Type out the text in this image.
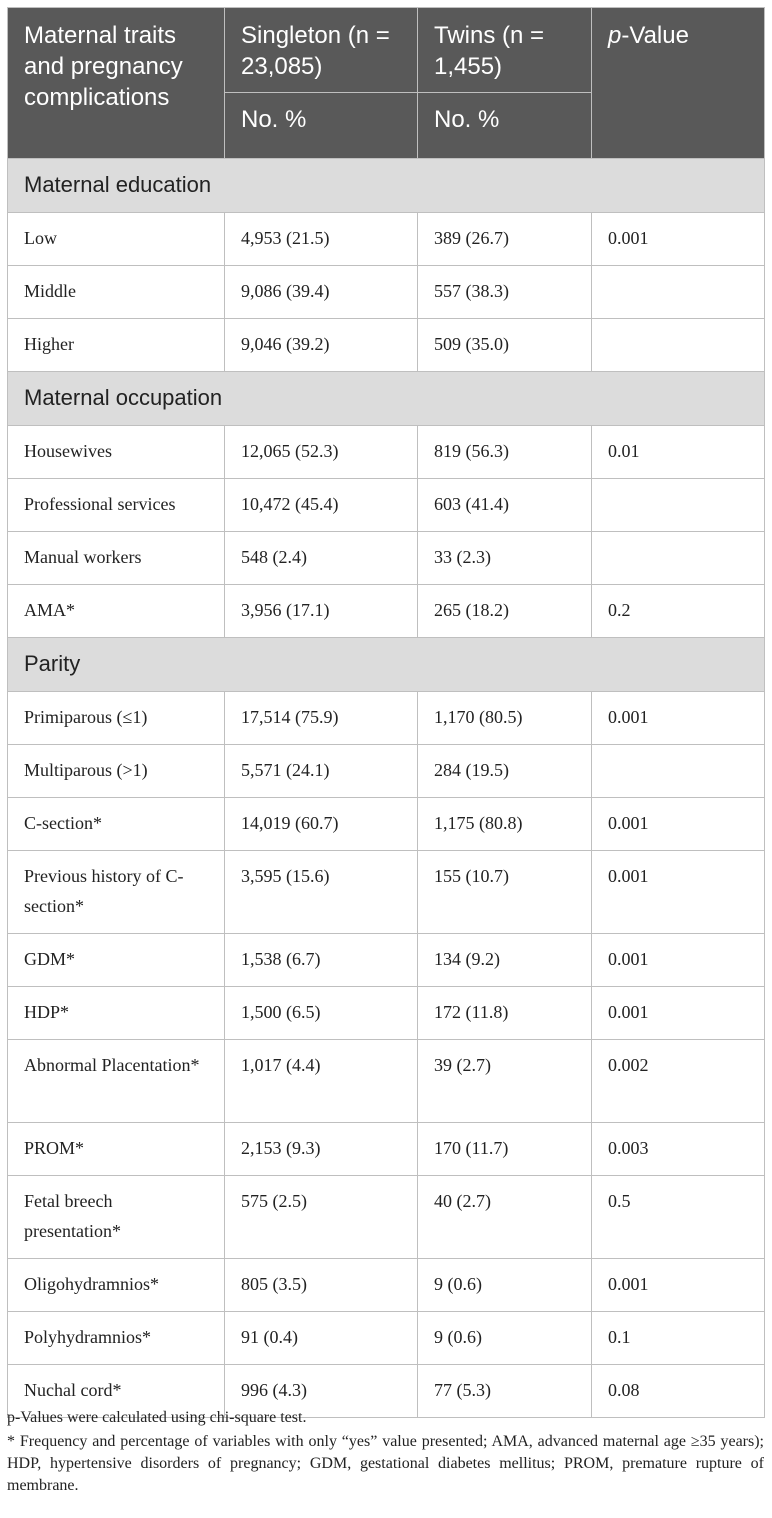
Maternal traits and pregnancy complications	Singleton (n = 23,085)	Twins (n = 1,455)	p-Value
	No. %	No. %	
Maternal education			
Low	4,953 (21.5)	389 (26.7)	0.001
Middle	9,086 (39.4)	557 (38.3)	
Higher	9,046 (39.2)	509 (35.0)	
Maternal occupation			
Housewives	12,065 (52.3)	819 (56.3)	0.01
Professional services	10,472 (45.4)	603 (41.4)	
Manual workers	548 (2.4)	33 (2.3)	
AMA*	3,956 (17.1)	265 (18.2)	0.2
Parity			
Primiparous (≤1)	17,514 (75.9)	1,170 (80.5)	0.001
Multiparous (>1)	5,571 (24.1)	284 (19.5)	
C-section*	14,019 (60.7)	1,175 (80.8)	0.001
Previous history of C-section*	3,595 (15.6)	155 (10.7)	0.001
GDM*	1,538 (6.7)	134 (9.2)	0.001
HDP*	1,500 (6.5)	172 (11.8)	0.001
Abnormal Placentation*	1,017 (4.4)	39 (2.7)	0.002
PROM*	2,153 (9.3)	170 (11.7)	0.003
Fetal breech presentation*	575 (2.5)	40 (2.7)	0.5
Oligohydramnios*	805 (3.5)	9 (0.6)	0.001
Polyhydramnios*	91 (0.4)	9 (0.6)	0.1
Nuchal cord*	996 (4.3)	77 (5.3)	0.08

p-Values were calculated using chi-square test.

* Frequency and percentage of variables with only “yes” value presented; AMA, advanced maternal age ≥35 years); HDP, hypertensive disorders of pregnancy; GDM, gestational diabetes mellitus; PROM, premature rupture of membrane.
